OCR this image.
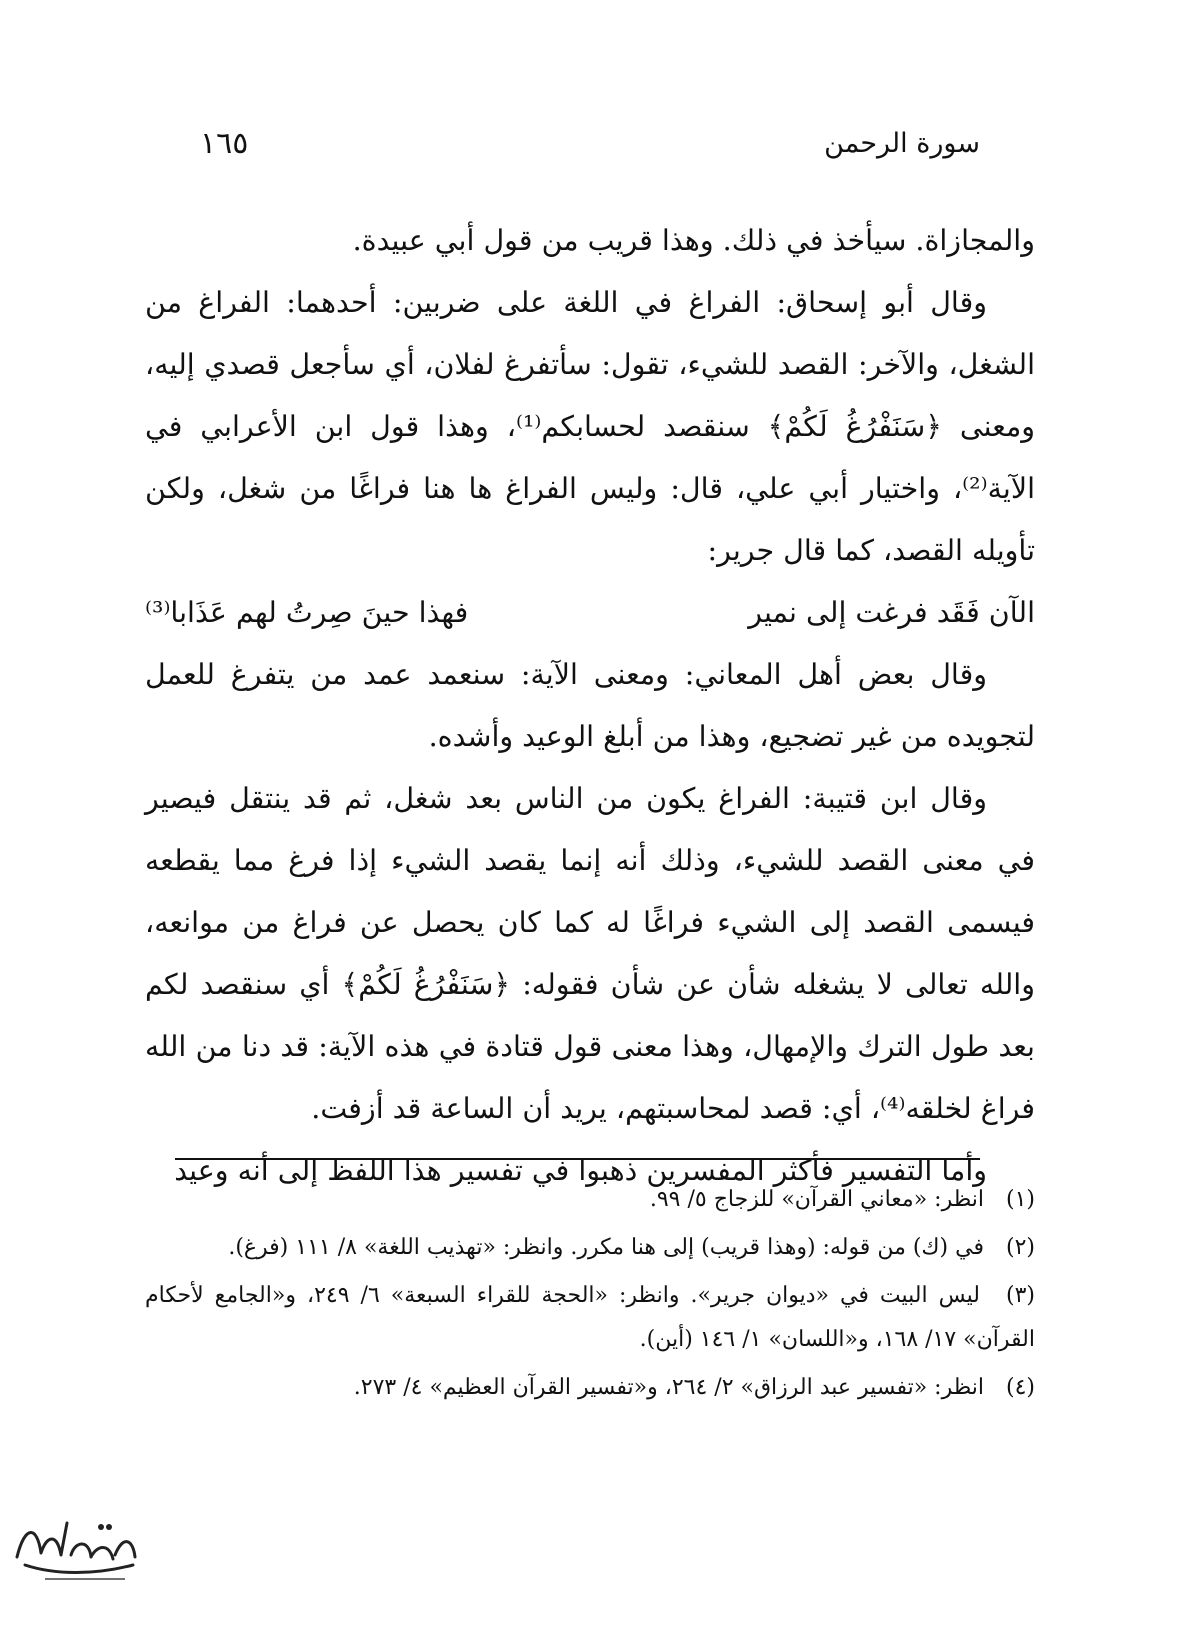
سورة الرحمن
١٦٥

والمجازاة. سيأخذ في ذلك. وهذا قريب من قول أبي عبيدة.

وقال أبو إسحاق: الفراغ في اللغة على ضربين: أحدهما: الفراغ من الشغل، والآخر: القصد للشيء، تقول: سأتفرغ لفلان، أي سأجعل قصدي إليه، ومعنى ﴿سَنَفْرُغُ لَكُمْ﴾ سنقصد لحسابكم⁽¹⁾، وهذا قول ابن الأعرابي في الآية⁽²⁾، واختيار أبي علي، قال: وليس الفراغ ها هنا فراغًا من شغل، ولكن تأويله القصد، كما قال جرير:

الآن فَقَد فرغت إلى نمير
فهذا حينَ صِرتُ لهم عَذَابا⁽³⁾

وقال بعض أهل المعاني: ومعنى الآية: سنعمد عمد من يتفرغ للعمل لتجويده من غير تضجيع، وهذا من أبلغ الوعيد وأشده.

وقال ابن قتيبة: الفراغ يكون من الناس بعد شغل، ثم قد ينتقل فيصير في معنى القصد للشيء، وذلك أنه إنما يقصد الشيء إذا فرغ مما يقطعه فيسمى القصد إلى الشيء فراغًا له كما كان يحصل عن فراغ من موانعه، والله تعالى لا يشغله شأن عن شأن فقوله: ﴿سَنَفْرُغُ لَكُمْ﴾ أي سنقصد لكم بعد طول الترك والإمهال، وهذا معنى قول قتادة في هذه الآية: قد دنا من الله فراغ لخلقه⁽⁴⁾، أي: قصد لمحاسبتهم، يريد أن الساعة قد أزفت.

وأما التفسير فأكثر المفسرين ذهبوا في تفسير هذا اللفظ إلى أنه وعيد

(١) انظر: «معاني القرآن» للزجاج ٥/ ٩٩.

(٢) في (ك) من قوله: (وهذا قريب) إلى هنا مكرر. وانظر: «تهذيب اللغة» ٨/ ١١١ (فرغ).

(٣) ليس البيت في «ديوان جرير». وانظر: «الحجة للقراء السبعة» ٦/ ٢٤٩، و«الجامع لأحكام القرآن» ١٧/ ١٦٨، و«اللسان» ١/ ١٤٦ (أين).

(٤) انظر: «تفسير عبد الرزاق» ٢/ ٢٦٤، و«تفسير القرآن العظيم» ٤/ ٢٧٣.
